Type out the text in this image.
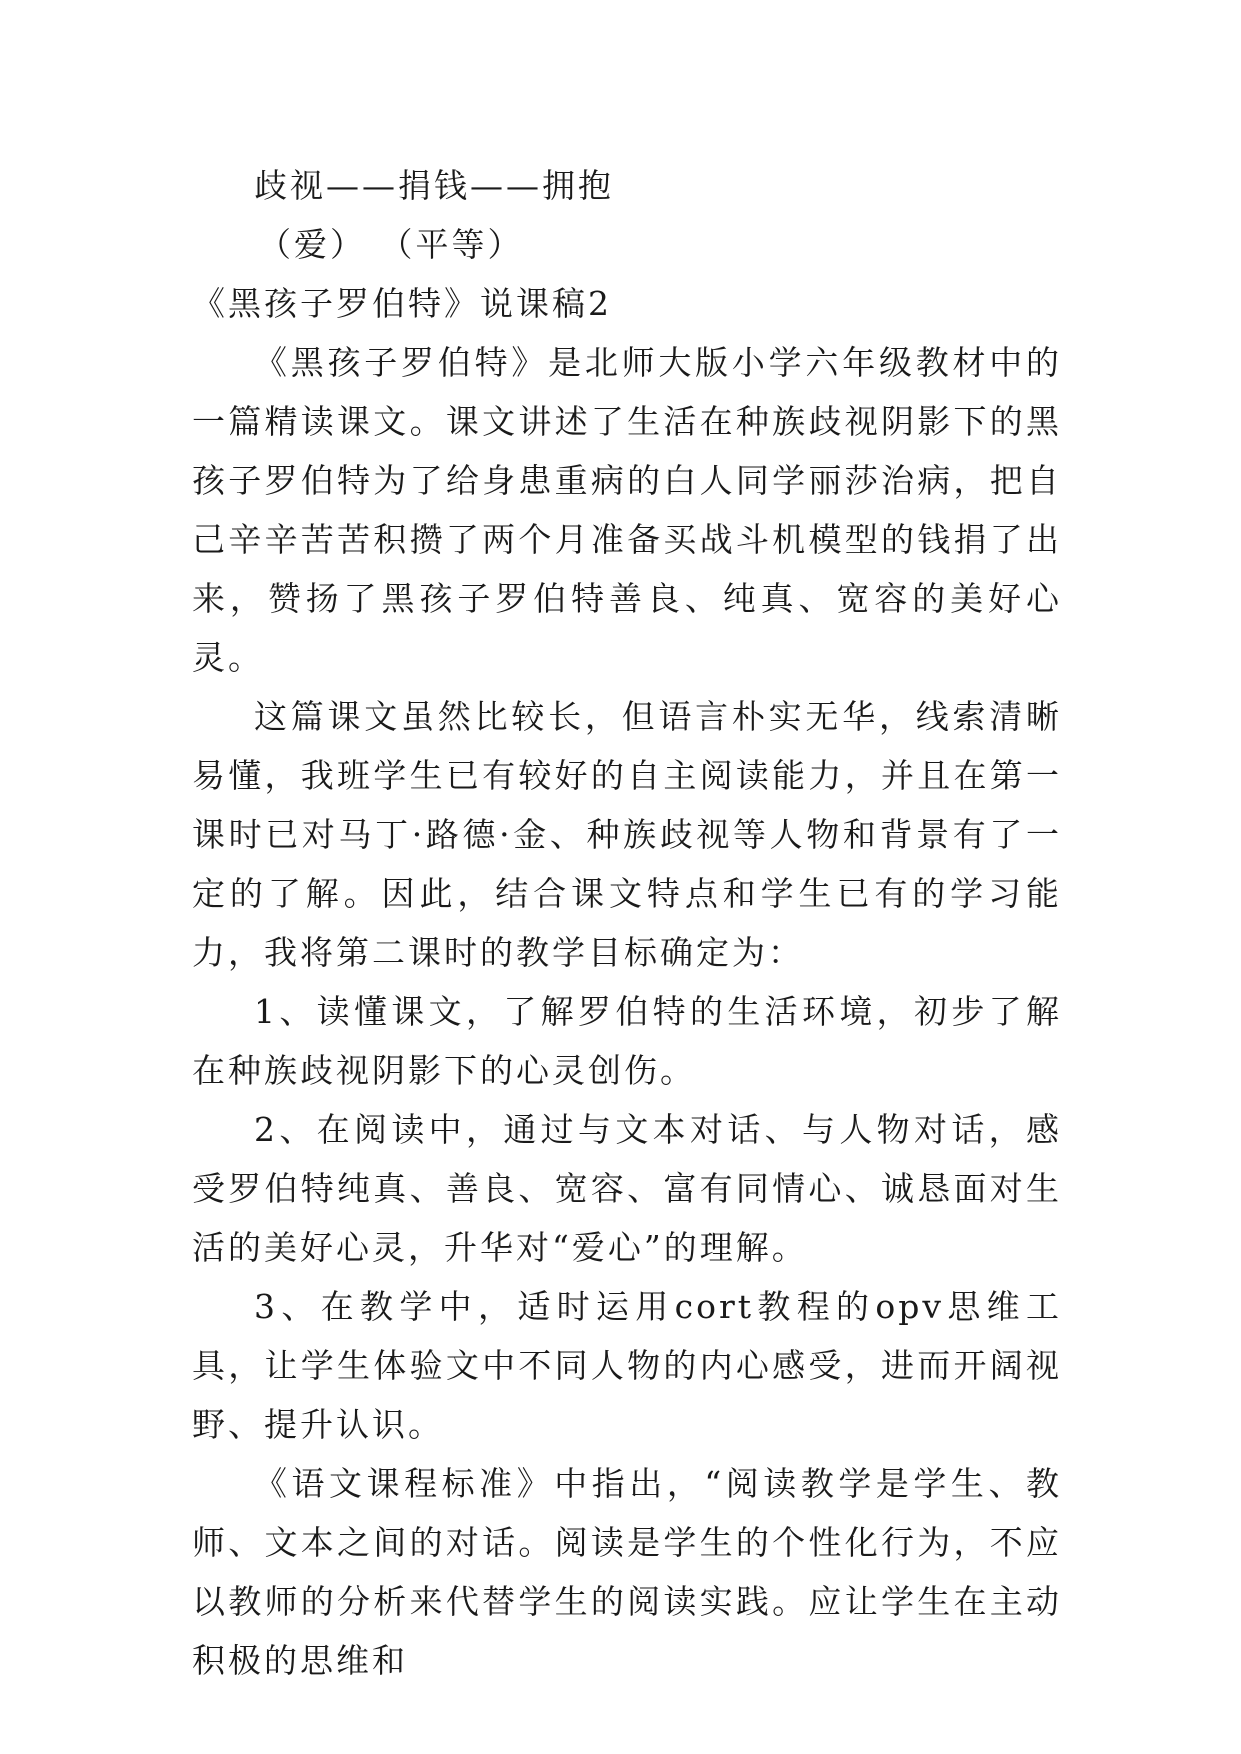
歧视——捐钱——拥抱
（爱） （平等）

《黑孩子罗伯特》说课稿2

《黑孩子罗伯特》是北师大版小学六年级教材中的一篇精读课文。课文讲述了生活在种族歧视阴影下的黑孩子罗伯特为了给身患重病的白人同学丽莎治病，把自己辛辛苦苦积攒了两个月准备买战斗机模型的钱捐了出来，赞扬了黑孩子罗伯特善良、纯真、宽容的美好心灵。

这篇课文虽然比较长，但语言朴实无华，线索清晰易懂，我班学生已有较好的自主阅读能力，并且在第一课时已对马丁·路德·金、种族歧视等人物和背景有了一定的了解。因此，结合课文特点和学生已有的学习能力，我将第二课时的教学目标确定为：

1、读懂课文，了解罗伯特的生活环境，初步了解在种族歧视阴影下的心灵创伤。

2、在阅读中，通过与文本对话、与人物对话，感受罗伯特纯真、善良、宽容、富有同情心、诚恳面对生活的美好心灵，升华对“爱心”的理解。

3、在教学中，适时运用cort教程的opv思维工具，让学生体验文中不同人物的内心感受，进而开阔视野、提升认识。

《语文课程标准》中指出，“阅读教学是学生、教师、文本之间的对话。阅读是学生的个性化行为，不应以教师的分析来代替学生的阅读实践。应让学生在主动积极的思维和
